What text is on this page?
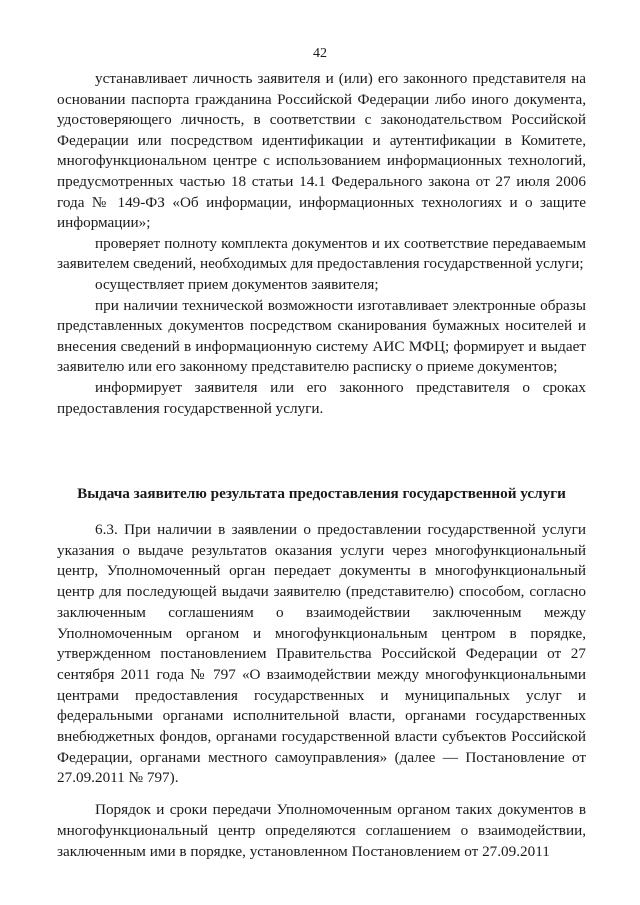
42

устанавливает личность заявителя и (или) его законного представителя на основании паспорта гражданина Российской Федерации либо иного документа, удостоверяющего личность, в соответствии с законодательством Российской Федерации или посредством идентификации и аутентификации в Комитете, многофункциональном центре с использованием информационных технологий, предусмотренных частью 18 статьи 14.1 Федерального закона от 27 июля 2006 года № 149-ФЗ «Об информации, информационных технологиях и о защите информации»;

проверяет полноту комплекта документов и их соответствие передаваемым заявителем сведений, необходимых для предоставления государственной услуги;

осуществляет прием документов заявителя;

при наличии технической возможности изготавливает электронные образы представленных документов посредством сканирования бумажных носителей и внесения сведений в информационную систему АИС МФЦ; формирует и выдает заявителю или его законному представителю расписку о приеме документов;

информирует заявителя или его законного представителя о сроках предоставления государственной услуги.

Выдача заявителю результата предоставления государственной услуги

6.3. При наличии в заявлении о предоставлении государственной услуги указания о выдаче результатов оказания услуги через многофункциональный центр, Уполномоченный орган передает документы в многофункциональный центр для последующей выдачи заявителю (представителю) способом, согласно заключенным соглашениям о взаимодействии заключенным между Уполномоченным органом и многофункциональным центром в порядке, утвержденном постановлением Правительства Российской Федерации от 27 сентября 2011 года № 797 «О взаимодействии между многофункциональными центрами предоставления государственных и муниципальных услуг и федеральными органами исполнительной власти, органами государственных внебюджетных фондов, органами государственной власти субъектов Российской Федерации, органами местного самоуправления» (далее — Постановление от 27.09.2011 № 797).

Порядок и сроки передачи Уполномоченным органом таких документов в многофункциональный центр определяются соглашением о взаимодействии, заключенным ими в порядке, установленном Постановлением от 27.09.2011
